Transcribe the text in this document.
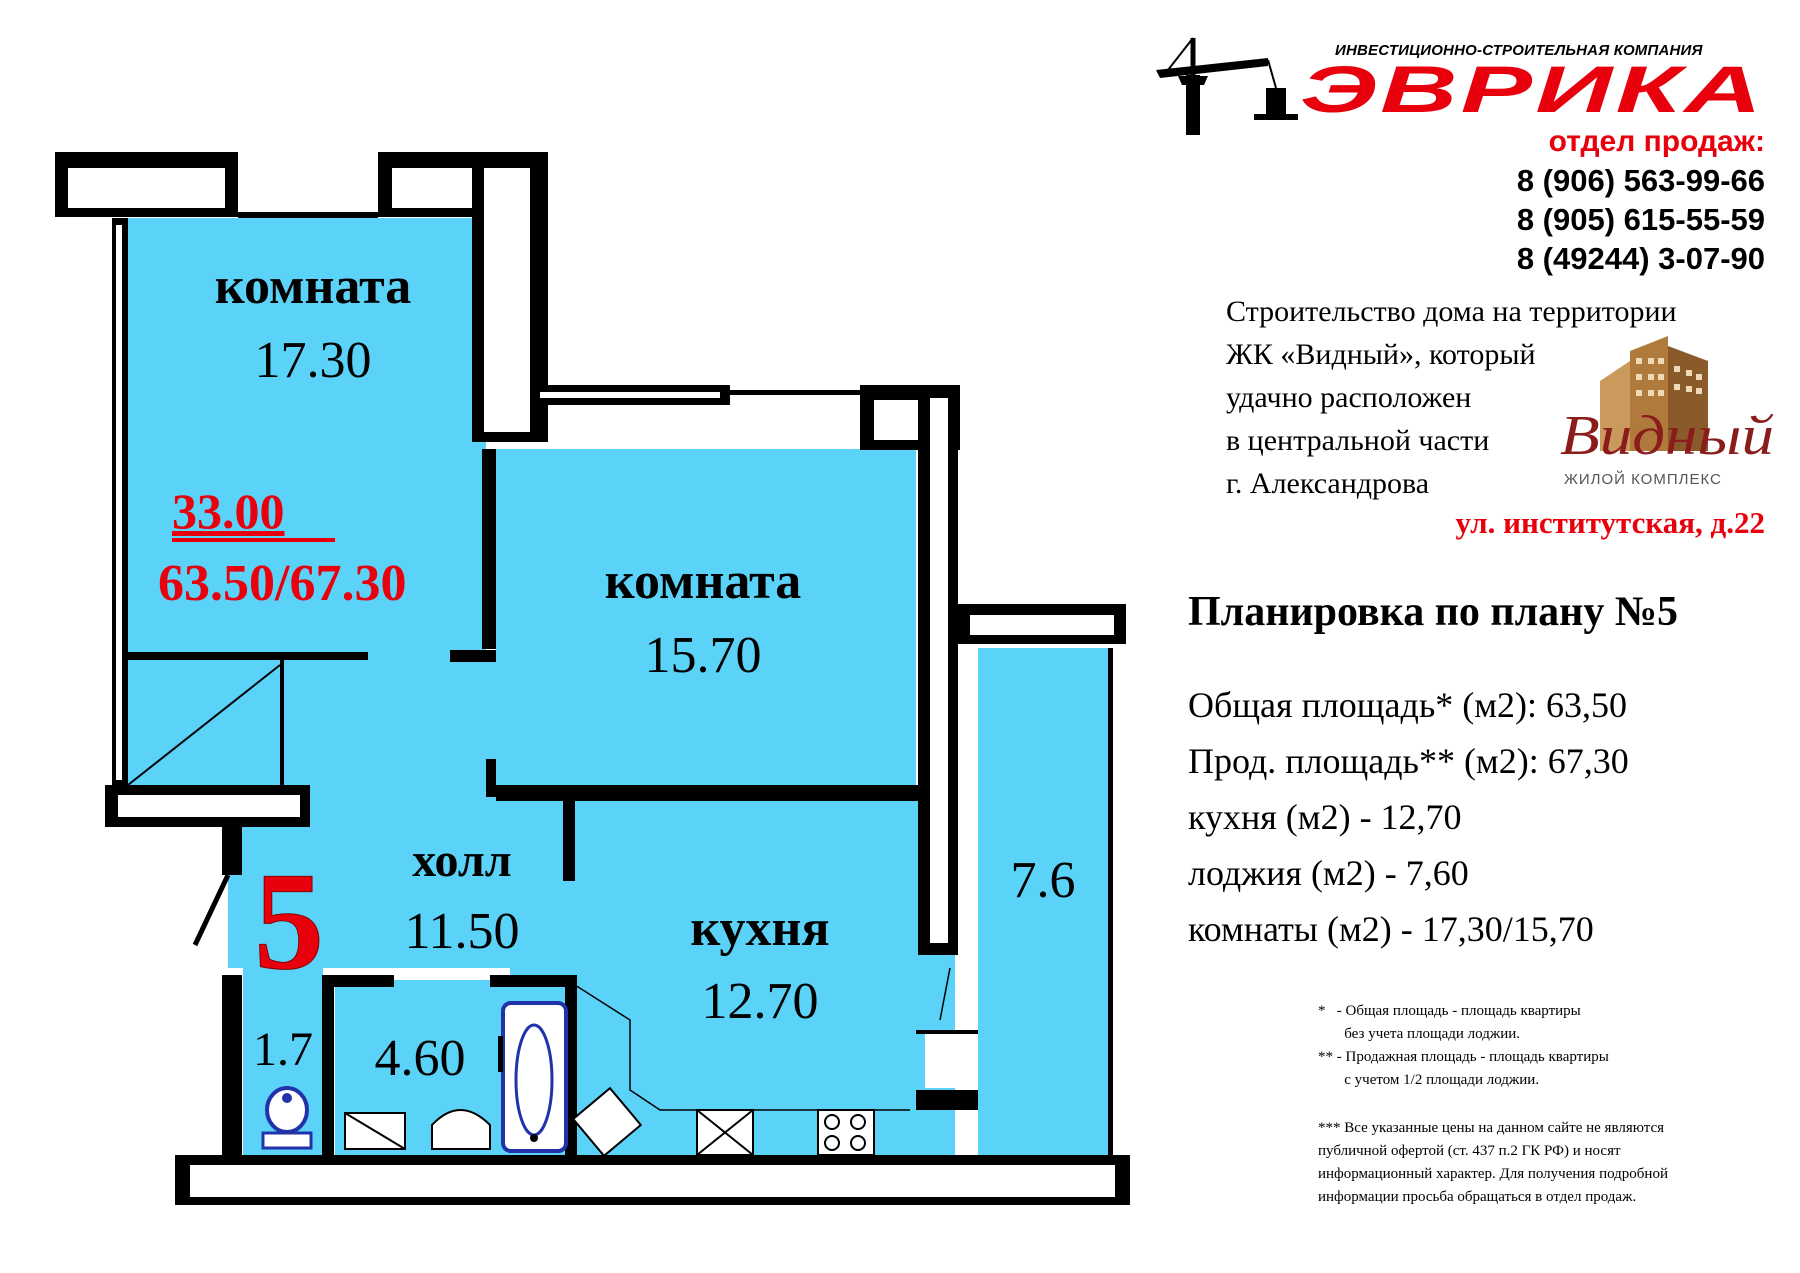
комната
17.30
33.00
63.50/67.30	комната
15.70
холл
11.50	кухня
12.70
7.6
1.7 4.60
5
ИНВЕСТИЦИОННО-СТРОИТЕЛЬНАЯ КОМПАНИЯ
ЭВРИКА
отдел продаж:
8 (906) 563-99-66
8 (905) 615-55-59
8 (49244) 3-07-90
Строительство дома на территории
ЖК «Видный», который
удачно расположен
в центральной части
г. Александрова
Видный
ЖИЛОЙ КОМПЛЕКС
ул. институтская, д.22
Планировка по плану №5
Общая площадь* (м2): 63,50
Прод. площадь** (м2): 67,30
кухня (м2) - 12,70
лоджия (м2) - 7,60
комнаты (м2) - 17,30/15,70
*   - Общая площадь - площадь квартиры
без учета площади лоджии.
** - Продажная площадь - площадь квартиры
с учетом 1/2 площади лоджии.
*** Все указанные цены на данном сайте не являются
публичной офертой (ст. 437 п.2 ГК РФ) и носят
информационный характер. Для получения подробной
информации просьба обращаться в отдел продаж.
